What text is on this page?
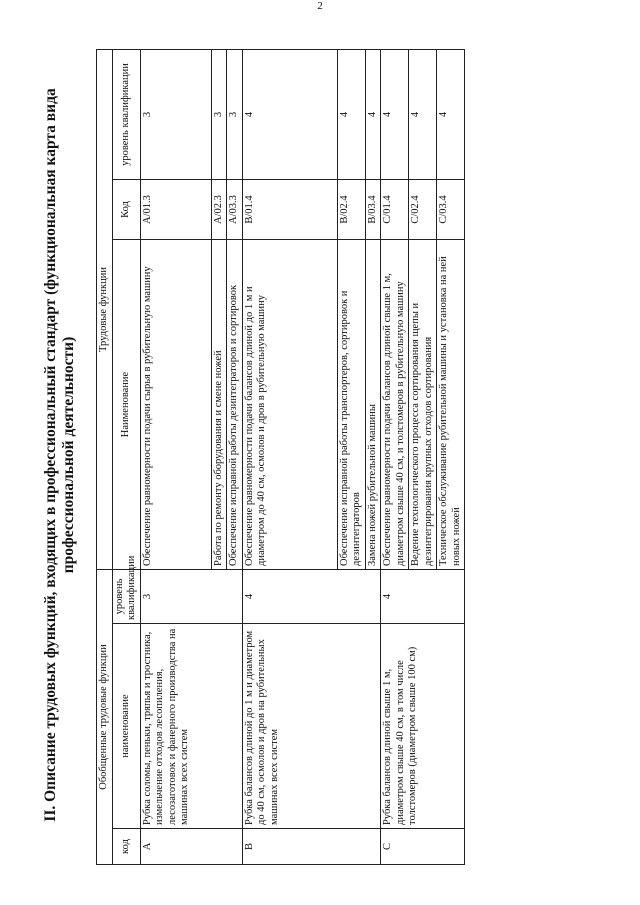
2
II. Описание трудовых функций, входящих в профессиональный стандарт (функциональная карта вида профессиональной деятельности)
Обобщенные трудовые функции			Трудовые функции		
код	наименование	уровень квалификации	Наименование	Код	уровень квалификации
A	Рубка соломы, пеньки, тряпья и тростника, измельчение отходов лесопиления, лесозаготовок и фанерного производства на машинах всех систем	3	Обеспечение равномерности подачи сырья в рубительную машину	A/01.3	3
			Работа по ремонту оборудования и смене ножей	A/02.3	3
			Обеспечение исправной работы дезинтеграторов и сортировок	A/03.3	3
B	Рубка балансов длиной до 1 м и диаметром до 40 см, осмолов и дров на рубительных машинах всех систем	4	Обеспечение равномерности подачи балансов длиной до 1 м и диаметром до 40 см, осмолов и дров в рубительную машину	B/01.4	4
			Обеспечение исправной работы транспортеров, сортировок и дезинтеграторов	B/02.4	4
			Замена ножей рубительной машины	B/03.4	4
C	Рубка балансов длиной свыше 1 м, диаметром свыше 40 см, в том числе толстомеров (диаметром свыше 100 см)	4	Обеспечение равномерности подачи балансов длиной свыше 1 м, диаметром свыше 40 см, и толстомеров в рубительную машину	C/01.4	4
			Ведение технологического процесса сортирования щепы и дезинтегрирования крупных отходов сортирования	C/02.4	4
			Техническое обслуживание рубительной машины и установка на ней новых ножей	C/03.4	4
